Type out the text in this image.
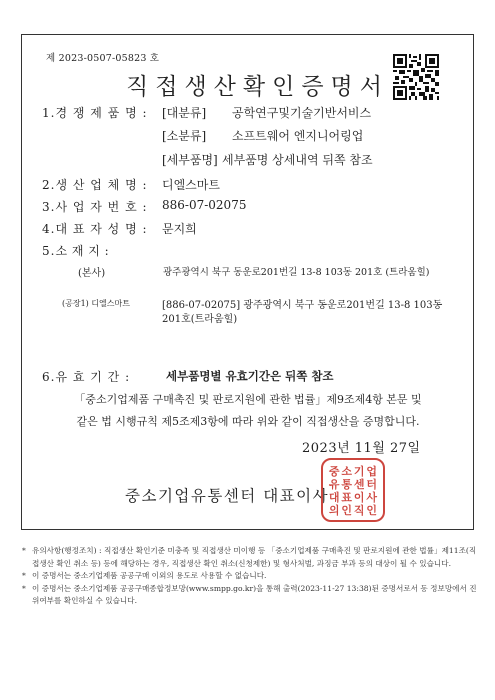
제 2023-0507-05823 호
직접생산확인증명서
1.경 쟁 제 품 명 : [대분류] 공학연구및기술기반서비스
[소분류] 소프트웨어 엔지니어링업
[세부품명] 세부품명 상세내역 뒤쪽 참조
2.생 산 업 체 명 : 디엘스마트
3.사 업 자 번 호 : 886-07-02075
4.대 표 자 성 명 : 문지희
5.소 재 지 :
(본사)	광주광역시 북구 동운로201번길 13-8 103동 201호 (트라움힐)
(공장1) 디엘스마트	[886-07-02075] 광주광역시 북구 동운로201번길 13-8 103동
201호(트라움힐)
6.유 효 기 간 :	세부품명별 유효기간은 뒤쪽 참조
「중소기업제품 구매촉진 및 판로지원에 관한 법률」제9조제4항 본문 및
같은 법 시행규칙 제5조제3항에 따라 위와 같이 직접생산을 증명합니다.
2023년 11월 27일
중소기업유통센터 대표이사
중 소 기 업
유 통 센 터
대 표 이 사
의 인 직 인
* 유의사항(행정조치) : 직접생산 확인기준 미충족 및 직접생산 미이행 등 「중소기업제품 구매촉진 및 판로지원에 관한 법률」제11조(직접생산 확인 취소 등) 등에 해당하는 경우, 직접생산 확인 취소(신청제한) 및 형사처벌, 과징금 부과 등의 대상이 될 수 있습니다.
* 이 증명서는 중소기업제품 공공구매 이외의 용도로 사용할 수 없습니다.
* 이 증명서는 중소기업제품 공공구매종합정보망(www.smpp.go.kr)을 통해 출력(2023-11-27 13:38)된 증명서로서 동 정보망에서 진위여부를 확인하실 수 있습니다.
